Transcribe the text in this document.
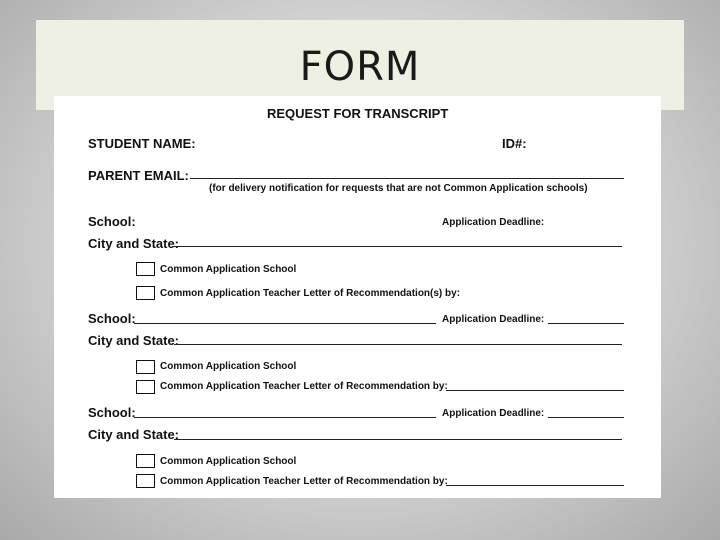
FORM
REQUEST FOR TRANSCRIPT
STUDENT NAME:	ID#:
PARENT EMAIL:
(for delivery notification for requests that are not Common Application schools)
School:	Application Deadline:
City and State:
Common Application School
Common Application Teacher Letter of Recommendation(s) by:
School:	Application Deadline:
City and State:
Common Application School
Common Application Teacher Letter of Recommendation by:
School:	Application Deadline:
City and State:
Common Application School
Common Application Teacher Letter of Recommendation by:
